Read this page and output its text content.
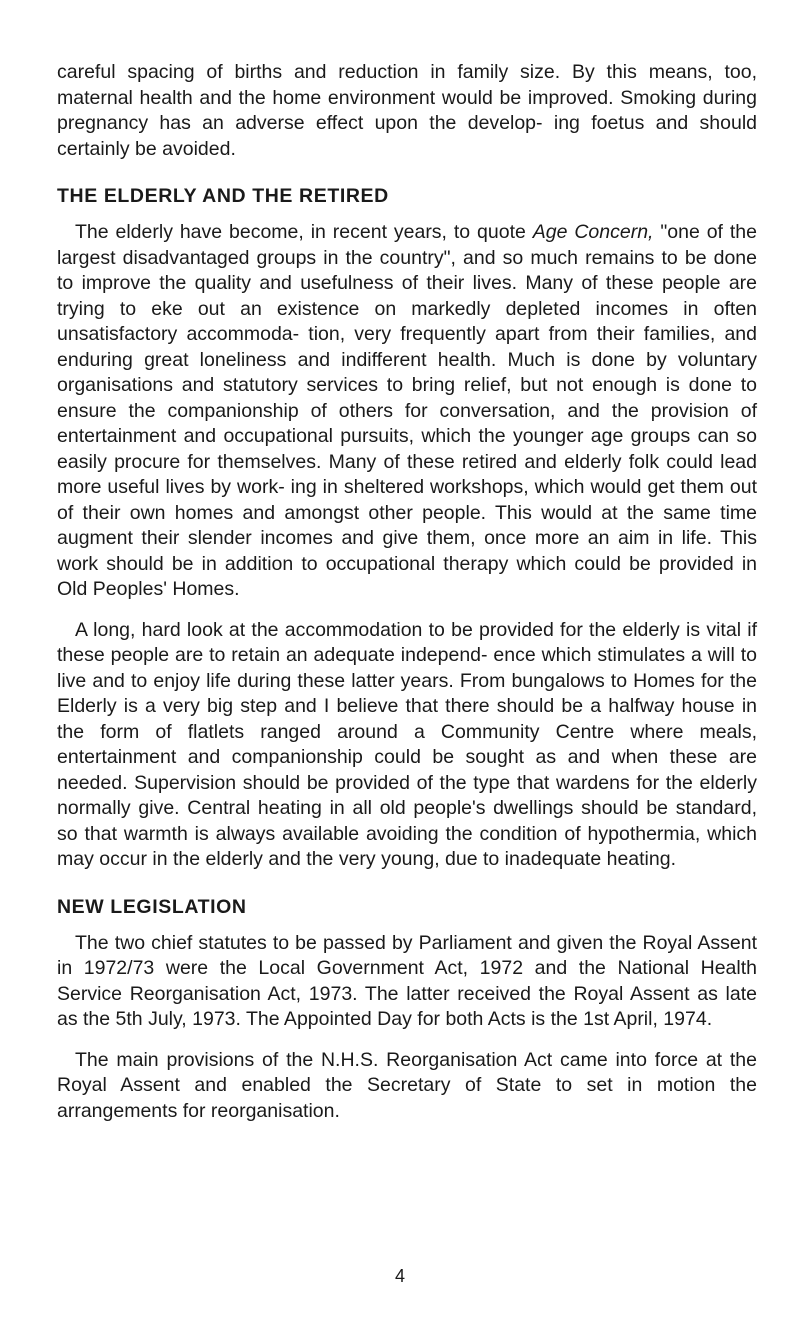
careful spacing of births and reduction in family size. By this means, too, maternal health and the home environment would be improved. Smoking during pregnancy has an adverse effect upon the develop- ing foetus and should certainly be avoided.

THE ELDERLY AND THE RETIRED

The elderly have become, in recent years, to quote Age Concern, "one of the largest disadvantaged groups in the country", and so much remains to be done to improve the quality and usefulness of their lives. Many of these people are trying to eke out an existence on markedly depleted incomes in often unsatisfactory accommoda- tion, very frequently apart from their families, and enduring great loneliness and indifferent health. Much is done by voluntary organisations and statutory services to bring relief, but not enough is done to ensure the companionship of others for conversation, and the provision of entertainment and occupational pursuits, which the younger age groups can so easily procure for themselves. Many of these retired and elderly folk could lead more useful lives by work- ing in sheltered workshops, which would get them out of their own homes and amongst other people. This would at the same time augment their slender incomes and give them, once more an aim in life. This work should be in addition to occupational therapy which could be provided in Old Peoples' Homes.

A long, hard look at the accommodation to be provided for the elderly is vital if these people are to retain an adequate independ- ence which stimulates a will to live and to enjoy life during these latter years. From bungalows to Homes for the Elderly is a very big step and I believe that there should be a halfway house in the form of flatlets ranged around a Community Centre where meals, entertainment and companionship could be sought as and when these are needed. Supervision should be provided of the type that wardens for the elderly normally give. Central heating in all old people's dwellings should be standard, so that warmth is always available avoiding the condition of hypothermia, which may occur in the elderly and the very young, due to inadequate heating.

NEW LEGISLATION

The two chief statutes to be passed by Parliament and given the Royal Assent in 1972/73 were the Local Government Act, 1972 and the National Health Service Reorganisation Act, 1973. The latter received the Royal Assent as late as the 5th July, 1973. The Appointed Day for both Acts is the 1st April, 1974.

The main provisions of the N.H.S. Reorganisation Act came into force at the Royal Assent and enabled the Secretary of State to set in motion the arrangements for reorganisation.

4
